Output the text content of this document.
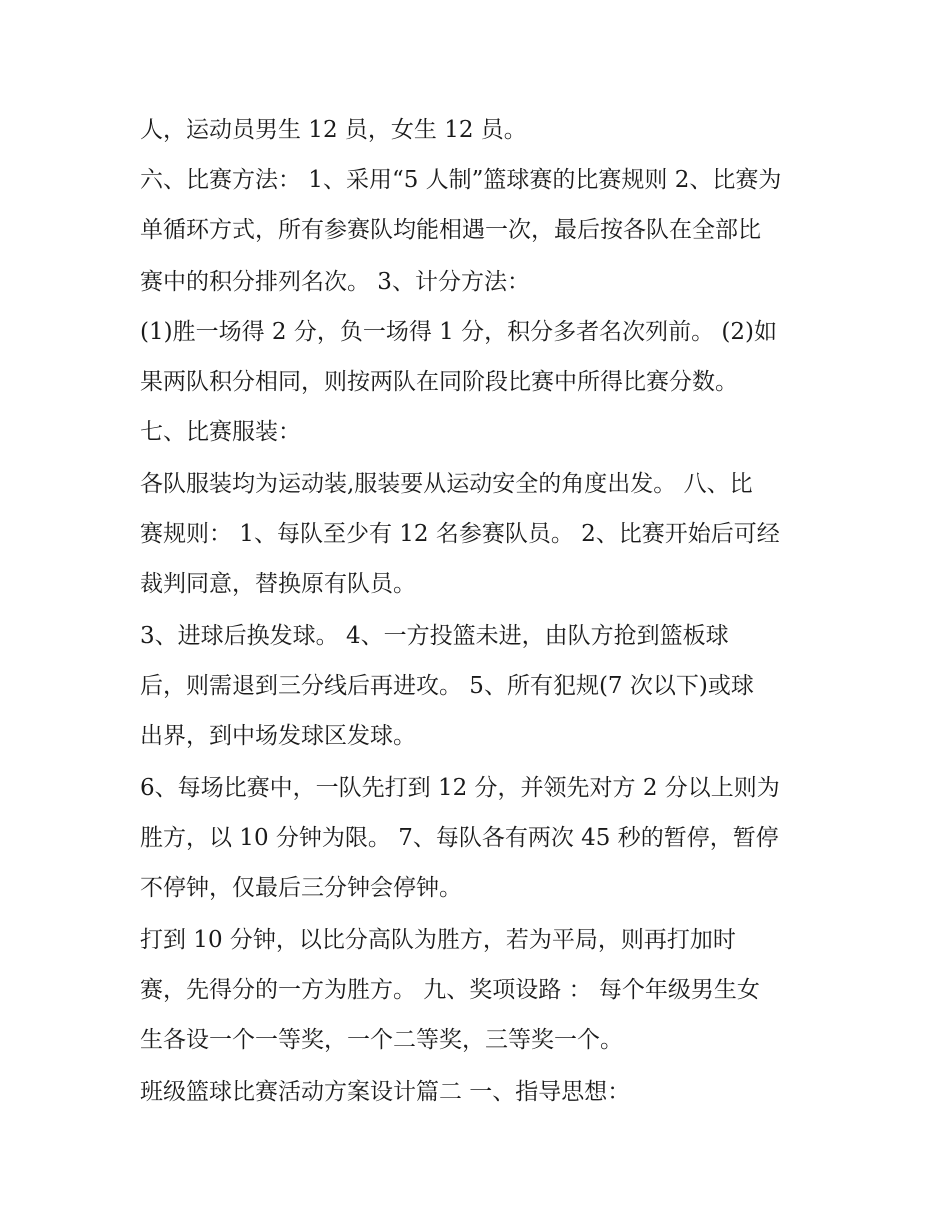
人，运动员男生 12 员，女生 12 员。
六、比赛方法： 1、采用“5 人制”篮球赛的比赛规则 2、比赛为
单循环方式，所有参赛队均能相遇一次，最后按各队在全部比
赛中的积分排列名次。 3、计分方法：
(1)胜一场得 2 分，负一场得 1 分，积分多者名次列前。 (2)如
果两队积分相同，则按两队在同阶段比赛中所得比赛分数。
七、比赛服装：
各队服装均为运动装,服装要从运动安全的角度出发。 八、比
赛规则： 1、每队至少有 12 名参赛队员。 2、比赛开始后可经
裁判同意，替换原有队员。
3、进球后换发球。 4、一方投篮未进，由队方抢到篮板球
后，则需退到三分线后再进攻。 5、所有犯规(7 次以下)或球
出界，到中场发球区发球。
6、每场比赛中，一队先打到 12 分，并领先对方 2 分以上则为
胜方，以 10 分钟为限。 7、每队各有两次 45 秒的暂停，暂停
不停钟，仅最后三分钟会停钟。
打到 10 分钟，以比分高队为胜方，若为平局，则再打加时
赛，先得分的一方为胜方。 九、奖项设路 ： 每个年级男生女
生各设一个一等奖，一个二等奖，三等奖一个。
班级篮球比赛活动方案设计篇二 一、指导思想：
